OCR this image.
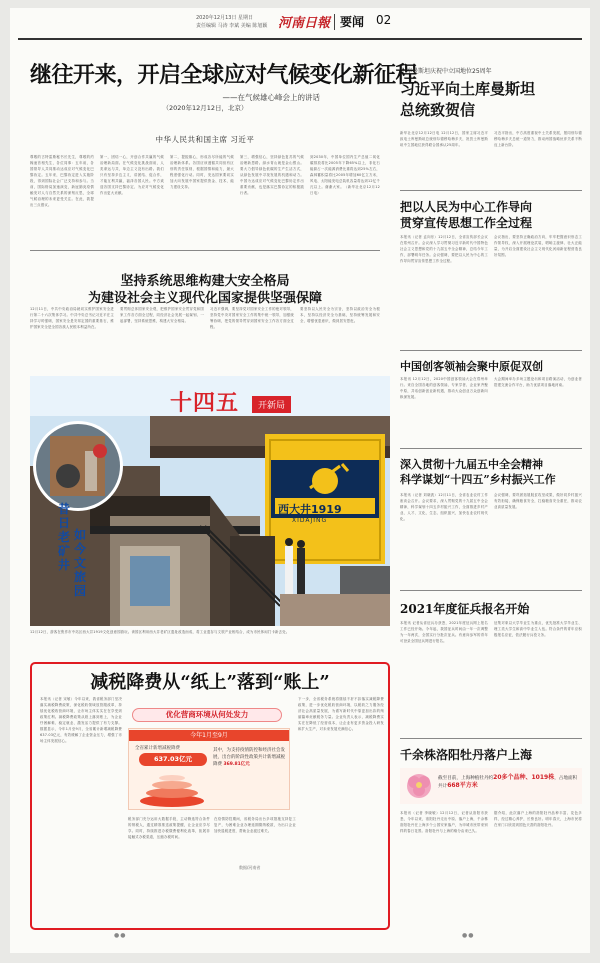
2020年12月13日 星期日
责任编辑 马涛 李斌 美编 陈旭颖 河南日報 要闻 02
继往开来，开启全球应对气候变化新征程
——在气候雄心峰会上的讲话
（2020年12月12日，北京）
中华人民共和国主席 习近平
尊敬的古特雷斯秘书长先生，尊敬的约翰逊首相先生，各位同事：五年前，各国领导人共同推动达成应对气候变化巴黎协定。五年来，巴黎协定进入实施阶段，得到国际社会广泛支持和参与。当前，国际格局加速演变，新冠肺炎疫情触发对人与自然关系的深刻反思，全球气候治理的未来更受关注。在此，我提出三点倡议。
第一，团结一心，开创合作共赢的气候治理新局面。在气候变化挑战面前，人类命运与共，单边主义没有出路。我们只有坚持多边主义，讲团结、促合作，才能互利共赢，福泽各国人民。中方欢迎各国支持巴黎协定、为应对气候变化作出更大贡献。
第二，提振雄心，形成各尽所能的气候治理新体系。各国应该遵循共同但有区别的责任原则，根据国情和能力，最大程度强化行动。同时，发达国家要切实加大向发展中国家提供资金、技术、能力建设支持。
第三，增强信心，坚持绿色复苏的气候治理新思路。绿水青山就是金山银山。要大力倡导绿色低碳的生产生活方式，从绿色发展中寻找发展的机遇和动力。中国为达成应对气候变化巴黎协定作出重要贡献，也是落实巴黎协定的积极践行者。
到2030年，中国单位国内生产总值二氧化碳排放将比2005年下降65%以上，非化石能源占一次能源消费比重将达到25%左右，森林蓄积量将比2005年增加60亿立方米，风电、太阳能发电总装机容量将达到12亿千瓦以上。谢谢大家。（新华社北京12月12日电）
坚持系统思维构建大安全格局
为建设社会主义现代化国家提供坚强保障
12月11日，中共中央政治局就切实维护国家安全进行第二十六次集体学习。中共中央总书记习近平在主持学习时强调，国家安全是安邦定国的重要基石，维护国家安全是全国各族人民根本利益所在。
要贯彻总体国家安全观，把维护国家安全贯穿党和国家工作各方面全过程，同经济社会发展一起谋划、一起部署，坚持系统思维，构建大安全格局。
习近平强调，要坚持党对国家安全工作的绝对领导，坚持党中央对国家安全工作的集中统一领导，加强统筹协调，把党的领导贯穿到国家安全工作各方面全过程。
要坚持以人民安全为宗旨，坚持以政治安全为根本，坚持以经济安全为基础，坚持统筹发展和安全，增强忧患意识，做到居安思危。
十四五	开新局
昔日老矿井
如今文旅园
西大井1919
XIDAJING
12月12日，游客在焦作市中站区西大井1919文化创意园游玩。该园区利用西大井老矿区遗址改造而成，将工业遗存与文旅产业相结合，成为市民休闲打卡新去处。
减税降费从“纸上”落到“账上”
优化营商环境从何处发力
本报讯（记者 宋敏）今年以来，我省税务部门坚决落实减税降费政策，深化税收领域放管服改革，持续优化税收营商环境，让市场主体实实在在享受到政策红利。减税降费政策从纸上落到账上，为企业纾困解难、稳定就业、激发活力提供了有力支撑。数据显示，今年1月至9月，全省累计新增减税降费637.03亿元，有效缓解了企业资金压力，增强了市场主体发展信心。
税务部门充分运用大数据手段，主动筛选符合条件的纳税人，通过精准推送政策提醒，让企业应享尽享。同时，持续推进办税缴费便利化改革，拓展非接触式办税渠道，压缩办税时间。
在疫情防控期间，省税务局出台多项措施支持复工复产，为困难企业办理延期缴纳税款，为出口企业加快退税进度，帮助企业渡过难关。
下一步，全省税务系统将继续不折不扣落实减税降费政策，进一步优化税收营商环境，以税收之力服务经济社会高质量发展，为谱写新时代中原更加出彩的绚丽篇章贡献税务力量。企业负责人表示，减税降费实实在在降低了经营成本，让企业有更多资金投入研发和扩大生产，对未来发展充满信心。
今年1月至9月
全省累计新增减税降费
637.03亿元
其中，为支持疫情防控和经济社会发展，出台的阶段性政策共计新增减税降费 369.81亿元
数据/河南省
土库曼斯坦庆祝中立国地位25周年
习近平向土库曼斯坦
总统致贺信
新华社北京12月12日电 12月12日，国家主席习近平致电土库曼斯坦总统别尔德穆哈梅多夫，祝贺土库曼斯坦中立国地位获得联合国承认25周年。
习近平指出，中方高度重视中土关系发展，愿同别尔德穆哈梅多夫总统一道努力，推动两国战略伙伴关系不断迈上新台阶。
把以人民为中心工作导向
贯穿宣传思想工作全过程
本报讯（记者 孟向东）12月12日，全省宣传部长会议在郑州召开。会议深入学习贯彻习近平新时代中国特色社会主义思想和党的十九届五中全会精神，总结今年工作，部署明年任务。会议强调，要把以人民为中心的工作导向贯穿宣传思想工作全过程。
会议指出，要坚持正确政治方向，牢牢把握意识形态工作领导权，深入开展理论武装，唱响主旋律、壮大正能量，为开启全面建设社会主义现代化河南新征程营造良好氛围。
中国创客领袖会聚中原促双创
本报讯 12月12日，2020中国创客领袖大会在郑州举行。来自全国各地的创客领袖、专家学者、企业家齐聚中原，共话创新创业新机遇，推动大众创业万众创新向纵深发展。
大会期间举办多场主题论坛和项目路演活动，为创业者搭建交流合作平台，助力优质项目落地河南。
深入贯彻十九届五中全会精神
科学谋划“十四五”乡村振兴工作
本报讯（记者 刘晓波）12月11日，全省农业农村工作座谈会召开。会议要求，深入贯彻党的十九届五中全会精神，科学谋划十四五乡村振兴工作，全面推进乡村产业、人才、文化、生态、组织振兴，加快农业农村现代化。
会议强调，要巩固拓展脱贫攻坚成果，做好同乡村振兴有效衔接，确保粮食安全，扛稳粮食安全重任，推动农业高质量发展。
2021年度征兵报名开始
本报讯 记者从省征兵办获悉，2021年度征兵网上报名工作已经开始。今年起，我国征兵时间由一年一次调整为一年两次，全国实行分批次征兵。有意向参军的青年可登录全国征兵网进行报名。
征集对象以大学毕业生为重点，优先批准大学毕业生、理工类大学生和高中毕业生入伍。符合条件的青年应积极报名应征，依法履行兵役义务。
千余株洛阳牡丹落户上海
截至目前，上海种植牡丹约20多个品种、1019株，占地面积共计668平方米
本报讯（记者 李晓敏）12月12日，记者从洛阳市获悉，今年以来，洛阳牡丹走出中原、落户上海，千余株洛阳牡丹在上海多个公园安家落户，为申城市民带来别样的春日花景。洛阳牡丹与上海的缘分由来已久。
据介绍，此次落户上海的洛阳牡丹品种丰富、花色多样，经过精心养护，长势良好。明年春天，上海市民将在家门口欣赏到国色天香的洛阳牡丹。
●●	●●
